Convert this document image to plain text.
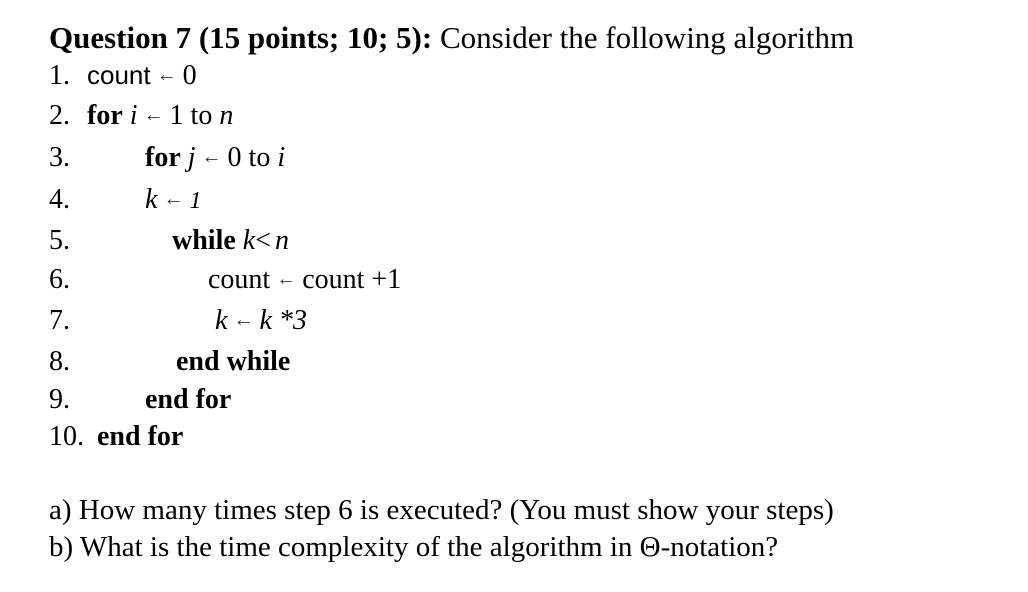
Question 7 (15 points; 10; 5): Consider the following algorithm
1. count ← 0
2. for i ← 1 to n
3.	for j ← 0 to i
4.	k ← 1
5.	while k< n
6.	count ← count +1
7.	k ← k *3
8.	end while
9.	end for
10. end for
a) How many times step 6 is executed? (You must show your steps)
b) What is the time complexity of the algorithm in Θ-notation?
